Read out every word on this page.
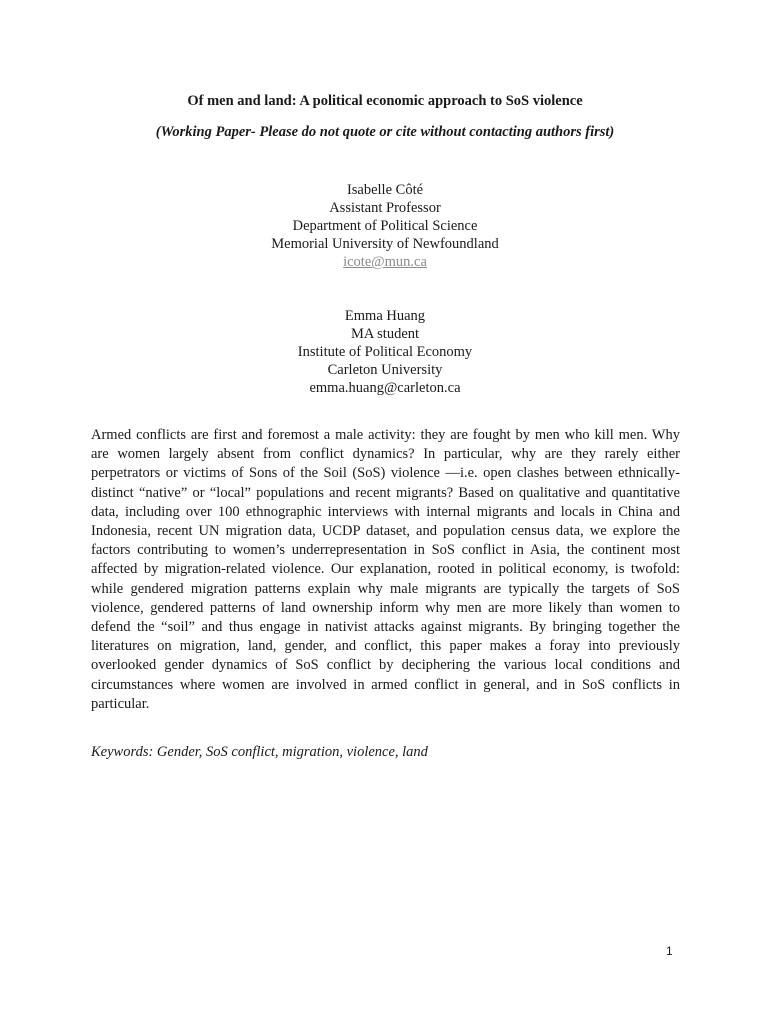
Of men and land: A political economic approach to SoS violence
(Working Paper- Please do not quote or cite without contacting authors first)
Isabelle Côté
Assistant Professor
Department of Political Science
Memorial University of Newfoundland
icote@mun.ca
Emma Huang
MA student
Institute of Political Economy
Carleton University
emma.huang@carleton.ca

Armed conflicts are first and foremost a male activity: they are fought by men who kill men. Why are women largely absent from conflict dynamics? In particular, why are they rarely either perpetrators or victims of Sons of the Soil (SoS) violence —i.e. open clashes between ethnically-distinct “native” or “local” populations and recent migrants? Based on qualitative and quantitative data, including over 100 ethnographic interviews with internal migrants and locals in China and Indonesia, recent UN migration data, UCDP dataset, and population census data, we explore the factors contributing to women’s underrepresentation in SoS conflict in Asia, the continent most affected by migration-related violence. Our explanation, rooted in political economy, is twofold: while gendered migration patterns explain why male migrants are typically the targets of SoS violence, gendered patterns of land ownership inform why men are more likely than women to defend the “soil” and thus engage in nativist attacks against migrants. By bringing together the literatures on migration, land, gender, and conflict, this paper makes a foray into previously overlooked gender dynamics of SoS conflict by deciphering the various local conditions and circumstances where women are involved in armed conflict in general, and in SoS conflicts in particular.

Keywords: Gender, SoS conflict, migration, violence, land

1
